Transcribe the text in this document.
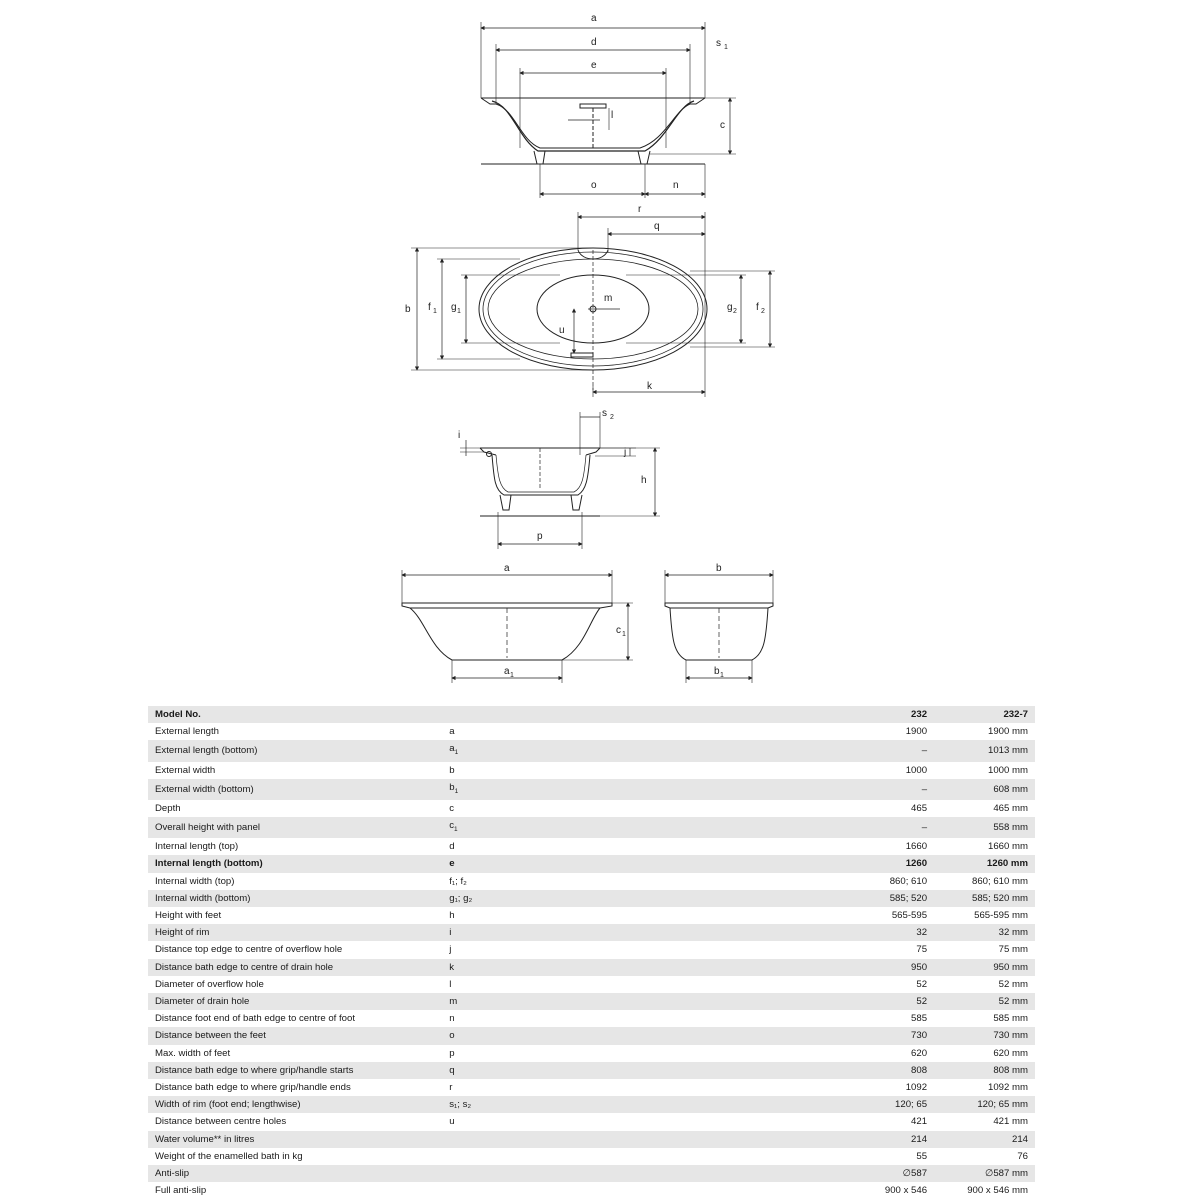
a
d
e
s 1
c
l
o	n
r
q
b f 1 g 1	g 2 f 2
m
u
k
s 2
i
j
h
p
a
a 1
c 1
b
b 1
Model No.		232	232-7
External length	a	1900	1900 mm
External length (bottom)	$a_1$	–	1013 mm
External width	b	1000	1000 mm
External width (bottom)	$b_1$	–	608 mm
Depth	c	465	465 mm
Overall height with panel	$c_1$	–	558 mm
Internal length (top)	d	1660	1660 mm
Internal length (bottom)	e	1260	1260 mm
Internal width (top)	f₁; f₂	860; 610	860; 610 mm
Internal width (bottom)	g₁; g₂	585; 520	585; 520 mm
Height with feet	h	565-595	565-595 mm
Height of rim	i	32	32 mm
Distance top edge to centre of overflow hole	j	75	75 mm
Distance bath edge to centre of drain hole	k	950	950 mm
Diameter of overflow hole	l	52	52 mm
Diameter of drain hole	m	52	52 mm
Distance foot end of bath edge to centre of foot	n	585	585 mm
Distance between the feet	o	730	730 mm
Max. width of feet	p	620	620 mm
Distance bath edge to where grip/handle starts	q	808	808 mm
Distance bath edge to where grip/handle ends	r	1092	1092 mm
Width of rim (foot end; lengthwise)	s₁; s₂	120; 65	120; 65 mm
Distance between centre holes	u	421	421 mm
Water volume** in litres		214	214
Weight of the enamelled bath in kg		55	76
Anti-slip		∅587	∅587 mm
Full anti-slip		900 x 546	900 x 546 mm
